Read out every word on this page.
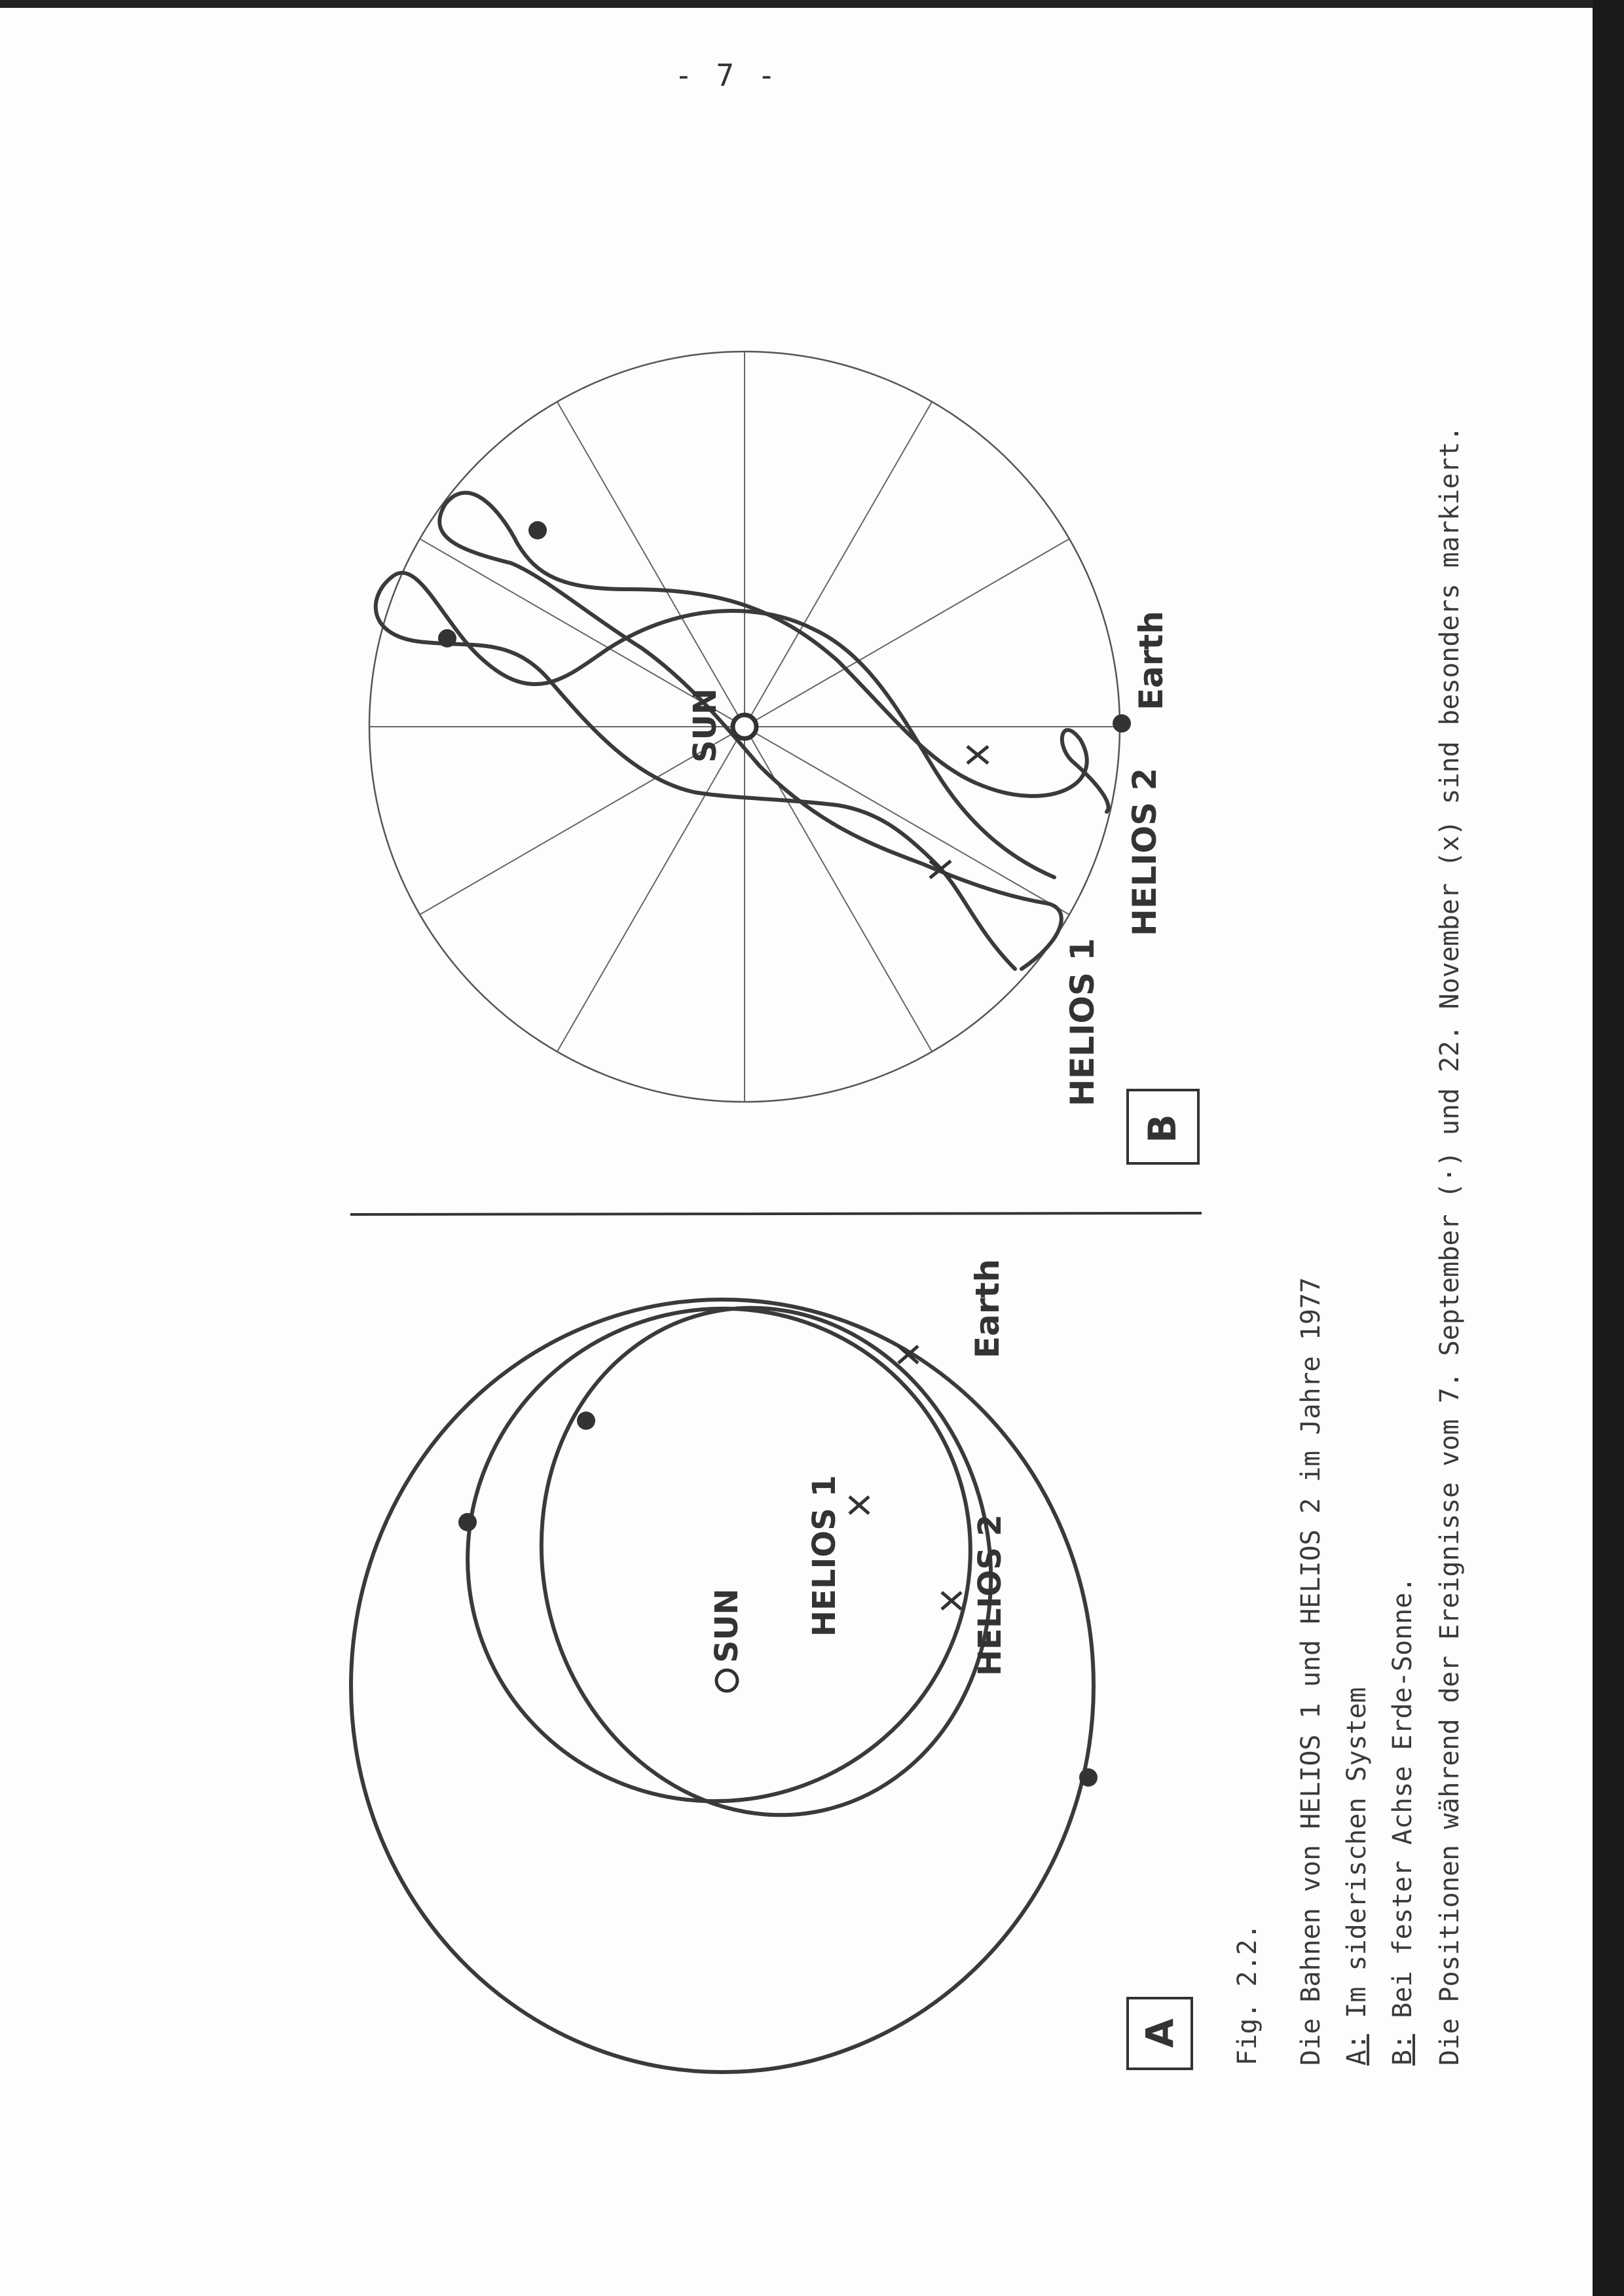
- 7 -
SUN
Earth
HELIOS 2
HELIOS 1
B
SUN HELIOS 1	HELIOS 2
Earth
A Fig. 2.2. Die Bahnen von HELIOS 1 und HELIOS 2 im Jahre 1977 A: Im siderischen System
B: Bei fester Achse Erde-Sonne. Die Positionen während der Ereignisse vom 7. September (·) und 22. November (x) sind besonders markiert.
